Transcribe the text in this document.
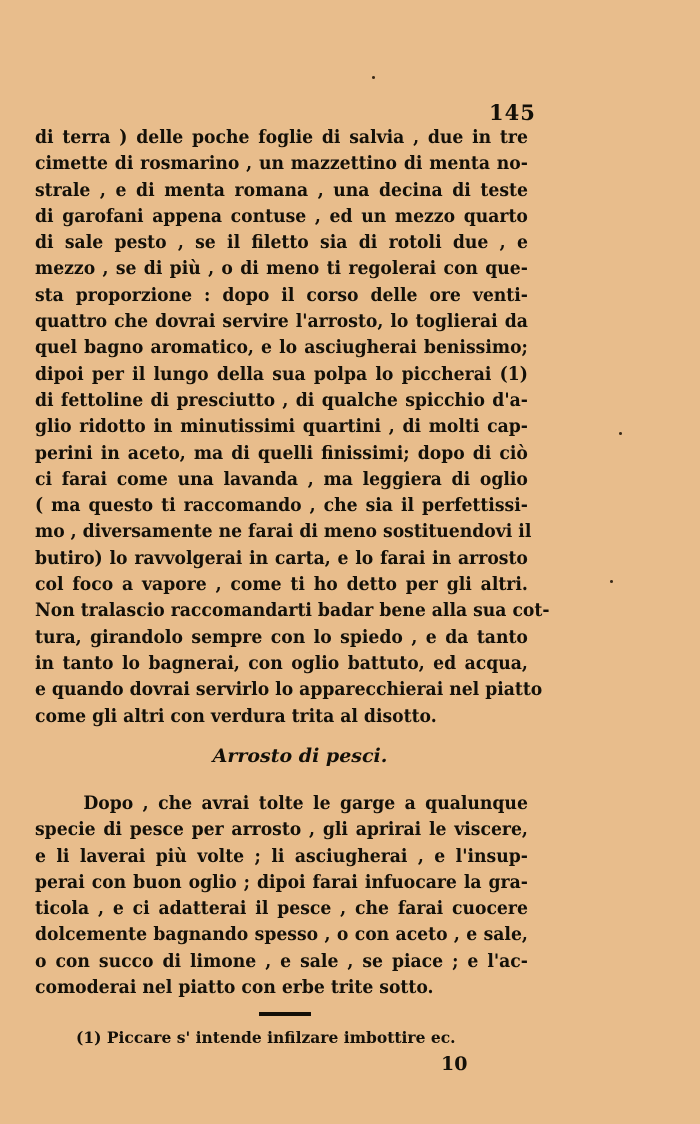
145
di terra ) delle poche foglie di salvia , due in tre
cimette di rosmarino , un mazzettino di menta no-
strale , e di menta romana , una decina di teste
di garofani appena contuse , ed un mezzo quarto
di sale pesto , se il filetto sia di rotoli due , e
mezzo , se di più , o di meno ti regolerai con que-
sta proporzione : dopo il corso delle ore venti-
quattro che dovrai servire l'arrosto, lo toglierai da
quel bagno aromatico, e lo asciugherai benissimo;
dipoi per il lungo della sua polpa lo piccherai (1)
di fettoline di presciutto , di qualche spicchio d'a-
glio ridotto in minutissimi quartini , di molti cap-
perini in aceto, ma di quelli finissimi; dopo di ciò
ci farai come una lavanda , ma leggiera di oglio
( ma questo ti raccomando , che sia il perfettissi-
mo , diversamente ne farai di meno sostituendovi il
butiro) lo ravvolgerai in carta, e lo farai in arrosto
col foco a vapore , come ti ho detto per gli altri.
Non tralascio raccomandarti badar bene alla sua cot-
tura, girandolo sempre con lo spiedo , e da tanto
in tanto lo bagnerai, con oglio battuto, ed acqua,
e quando dovrai servirlo lo apparecchierai nel piatto
come gli altri con verdura trita al disotto.
Arrosto di pesci.
Dopo , che avrai tolte le garge a qualunque
specie di pesce per arrosto , gli aprirai le viscere,
e li laverai più volte ; li asciugherai , e l'insup-
perai con buon oglio ; dipoi farai infuocare la gra-
ticola , e ci adatterai il pesce , che farai cuocere
dolcemente bagnando spesso , o con aceto , e sale,
o con succo di limone , e sale , se piace ; e l'ac-
comoderai nel piatto con erbe trite sotto.
(1) Piccare s' intende infilzare imbottire ec.
10
